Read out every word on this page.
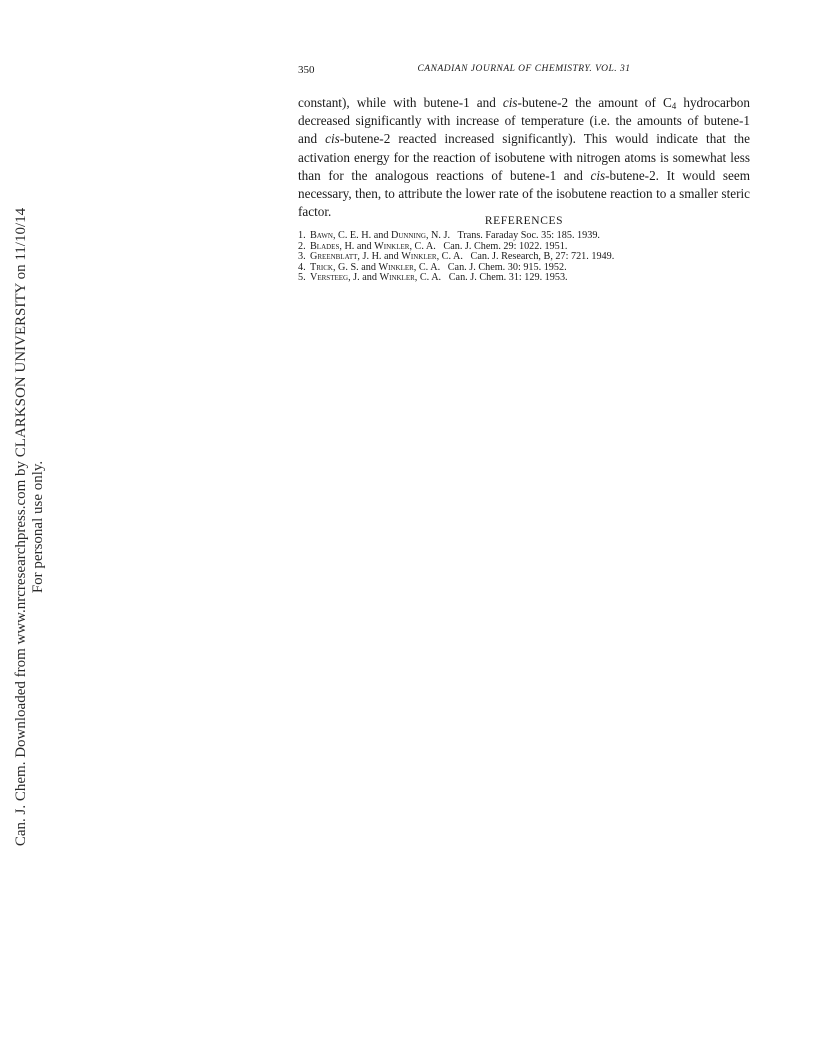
Can. J. Chem. Downloaded from www.nrcresearchpress.com by CLARKSON UNIVERSITY on 11/10/14 For personal use only.
350	CANADIAN JOURNAL OF CHEMISTRY. VOL. 31

constant), while with butene-1 and cis-butene-2 the amount of $C_4$ hydrocarbon decreased significantly with increase of temperature (i.e. the amounts of butene-1 and cis-butene-2 reacted increased significantly). This would indicate that the activation energy for the reaction of isobutene with nitrogen atoms is somewhat less than for the analogous reactions of butene-1 and cis-butene-2. It would seem necessary, then, to attribute the lower rate of the isobutene reaction to a smaller steric factor.

REFERENCES
1. Bawn, C. E. H. and Dunning, N. J.   Trans. Faraday Soc. 35: 185. 1939.
2. Blades, H. and Winkler, C. A.   Can. J. Chem. 29: 1022. 1951.
3. Greenblatt, J. H. and Winkler, C. A.   Can. J. Research, B, 27: 721. 1949.
4. Trick, G. S. and Winkler, C. A.   Can. J. Chem. 30: 915. 1952.
5. Versteeg, J. and Winkler, C. A.   Can. J. Chem. 31: 129. 1953.
